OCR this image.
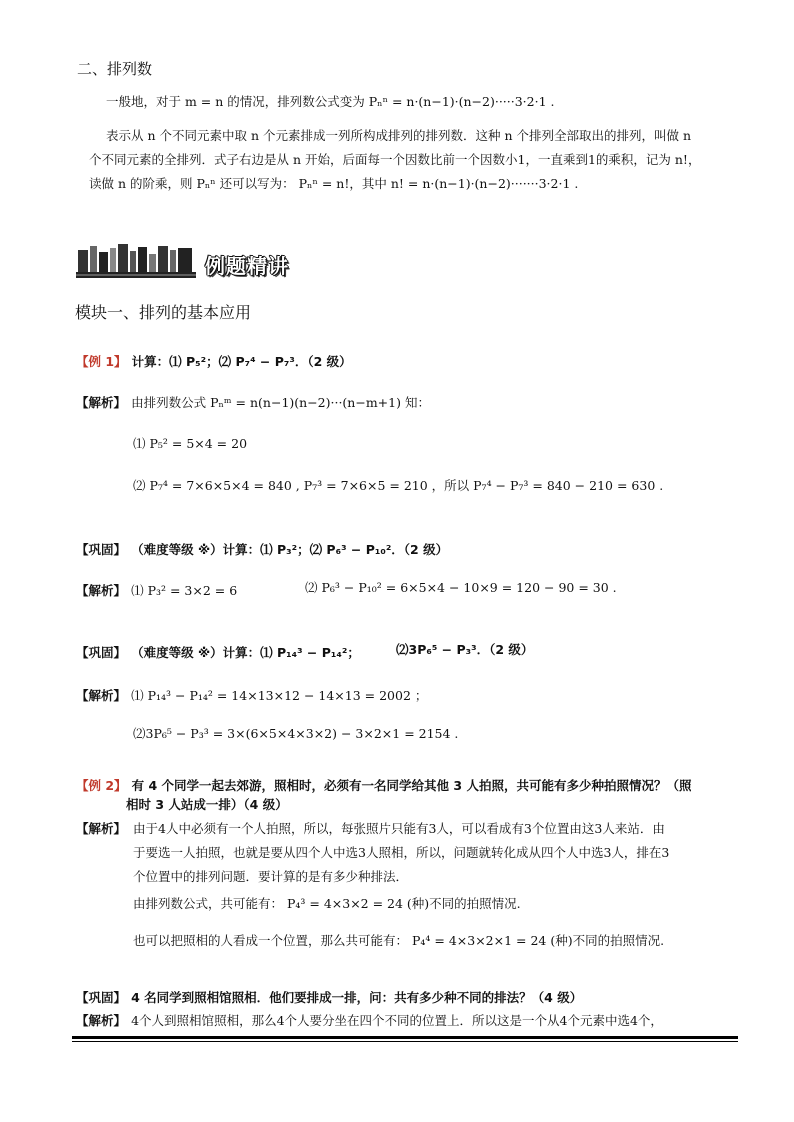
二、排列数
一般地，对于 m = n 的情况，排列数公式变为 Pₙⁿ = n·(n−1)·(n−2)·····3·2·1 .
表示从 n 个不同元素中取 n 个元素排成一列所构成排列的排列数．这种 n 个排列全部取出的排列，叫做 n
个不同元素的全排列．式子右边是从 n 开始，后面每一个因数比前一个因数小1，一直乘到1的乘积，记为 n!，
读做 n 的阶乘，则 Pₙⁿ 还可以写为： Pₙⁿ = n!，其中 n! = n·(n−1)·(n−2)·······3·2·1 .
例题精讲
模块一、排列的基本应用
【例 1】 计算：⑴ P₅²；⑵ P₇⁴ − P₇³．（2 级）
【解析】 由排列数公式 Pₙᵐ = n(n−1)(n−2)···(n−m+1) 知：
⑴ P₅² = 5×4 = 20
⑵ P₇⁴ = 7×6×5×4 = 840 , P₇³ = 7×6×5 = 210 ，所以 P₇⁴ − P₇³ = 840 − 210 = 630 .
【巩固】 （难度等级 ※）计算：⑴ P₃²；⑵ P₆³ − P₁₀²．（2 级）
【解析】 ⑴ P₃² = 3×2 = 6	⑵ P₆³ − P₁₀² = 6×5×4 − 10×9 = 120 − 90 = 30 .
【巩固】 （难度等级 ※）计算：⑴ P₁₄³ − P₁₄²；	⑵3P₆⁵ − P₃³．（2 级）
【解析】 ⑴ P₁₄³ − P₁₄² = 14×13×12 − 14×13 = 2002 ；
⑵3P₆⁵ − P₃³ = 3×(6×5×4×3×2) − 3×2×1 = 2154 .
【例 2】 有 4 个同学一起去郊游，照相时，必须有一名同学给其他 3 人拍照，共可能有多少种拍照情况？（照
相时 3 人站成一排）（4 级）
【解析】 由于4人中必须有一个人拍照，所以，每张照片只能有3人，可以看成有3个位置由这3人来站．由
于要选一人拍照，也就是要从四个人中选3人照相，所以，问题就转化成从四个人中选3人，排在3
个位置中的排列问题．要计算的是有多少种排法．
由排列数公式，共可能有： P₄³ = 4×3×2 = 24 (种)不同的拍照情况.
也可以把照相的人看成一个位置，那么共可能有： P₄⁴ = 4×3×2×1 = 24 (种)不同的拍照情况.
【巩固】 4 名同学到照相馆照相．他们要排成一排，问：共有多少种不同的排法？（4 级）
【解析】 4个人到照相馆照相，那么4个人要分坐在四个不同的位置上．所以这是一个从4个元素中选4个，
